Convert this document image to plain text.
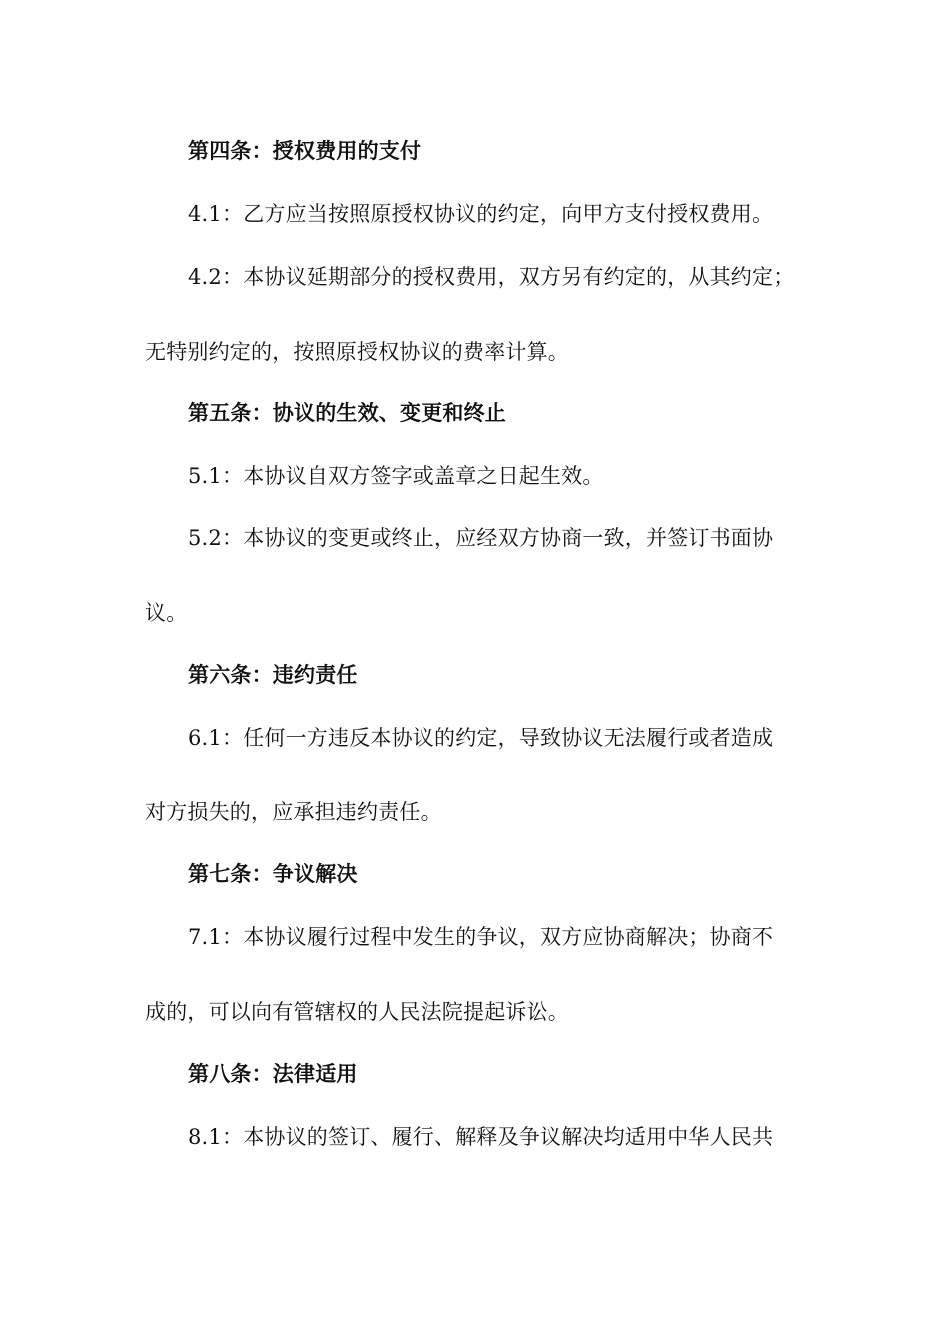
第四条：授权费用的支付
4.1：乙方应当按照原授权协议的约定，向甲方支付授权费用。
4.2：本协议延期部分的授权费用，双方另有约定的，从其约定；
无特别约定的，按照原授权协议的费率计算。
第五条：协议的生效、变更和终止
5.1：本协议自双方签字或盖章之日起生效。
5.2：本协议的变更或终止，应经双方协商一致，并签订书面协
议。
第六条：违约责任
6.1：任何一方违反本协议的约定，导致协议无法履行或者造成
对方损失的，应承担违约责任。
第七条：争议解决
7.1：本协议履行过程中发生的争议，双方应协商解决；协商不
成的，可以向有管辖权的人民法院提起诉讼。
第八条：法律适用
8.1：本协议的签订、履行、解释及争议解决均适用中华人民共
